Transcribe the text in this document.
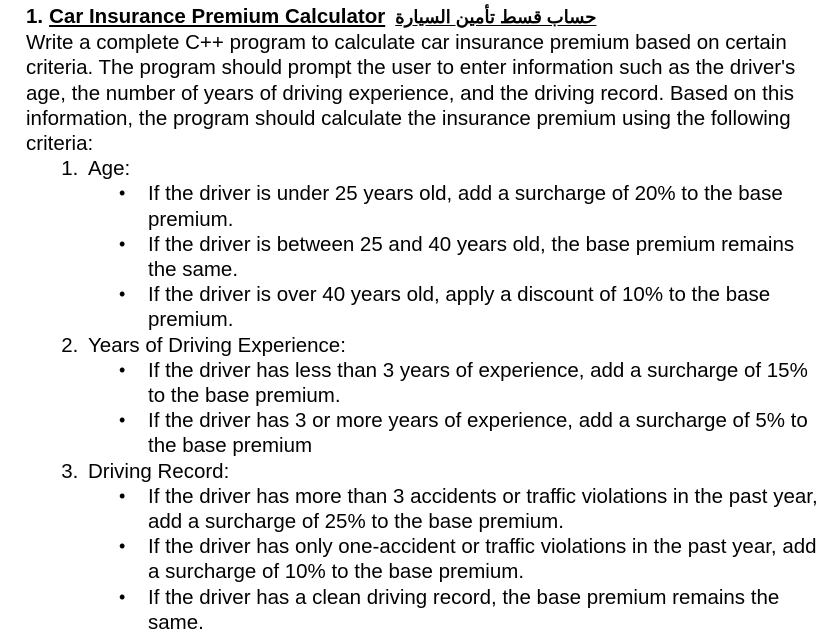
1. Car Insurance Premium Calculator حساب قسط تأمين السيارة

Write a complete C++ program to calculate car insurance premium based on certain criteria. The program should prompt the user to enter information such as the driver's age, the number of years of driving experience, and the driving record. Based on this information, the program should calculate the insurance premium using the following criteria:

1. Age:
• If the driver is under 25 years old, add a surcharge of 20% to the base premium.
• If the driver is between 25 and 40 years old, the base premium remains the same.
• If the driver is over 40 years old, apply a discount of 10% to the base premium.
2. Years of Driving Experience:
• If the driver has less than 3 years of experience, add a surcharge of 15% to the base premium.
• If the driver has 3 or more years of experience, add a surcharge of 5% to the base premium
3. Driving Record:
• If the driver has more than 3 accidents or traffic violations in the past year, add a surcharge of 25% to the base premium.
• If the driver has only one-accident or traffic violations in the past year, add a surcharge of 10% to the base premium.
• If the driver has a clean driving record, the base premium remains the same.
